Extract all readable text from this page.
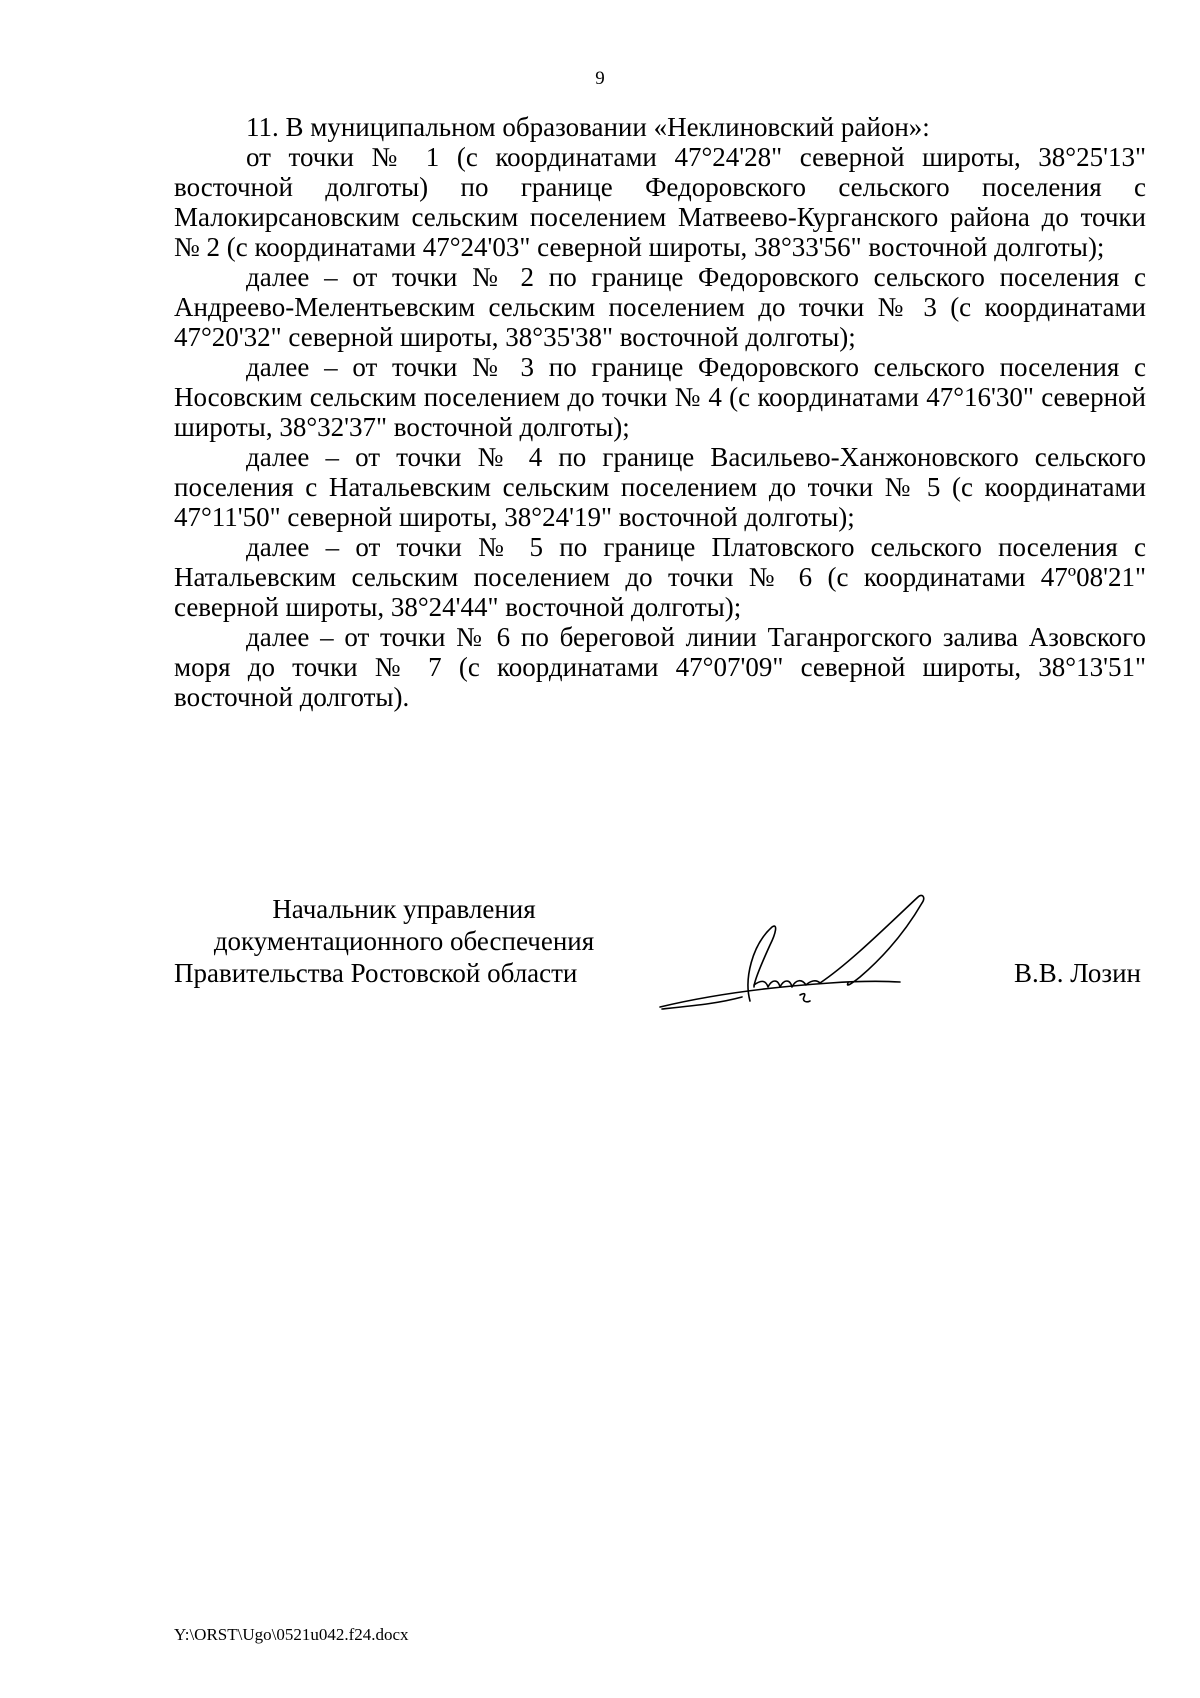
9

11. В муниципальном образовании «Неклиновский район»:

от точки № 1 (с координатами 47°24'28" северной широты, 38°25'13" восточной долготы) по границе Федоровского сельского поселения с Малокирсановским сельским поселением Матвеево-Курганского района до точки № 2 (с координатами 47°24'03" северной широты, 38°33'56" восточной долготы);

далее – от точки № 2 по границе Федоровского сельского поселения с Андреево-Мелентьевским сельским поселением до точки № 3 (с координатами 47°20'32" северной широты, 38°35'38" восточной долготы);

далее – от точки № 3 по границе Федоровского сельского поселения с Носовским сельским поселением до точки № 4 (с координатами 47°16'30" северной широты, 38°32'37" восточной долготы);

далее – от точки № 4 по границе Васильево-Ханжоновского сельского поселения с Натальевским сельским поселением до точки № 5 (с координатами 47°11'50" северной широты, 38°24'19" восточной долготы);

далее – от точки № 5 по границе Платовского сельского поселения с Натальевским сельским поселением до точки № 6 (с координатами 47º08'21" северной широты, 38°24'44" восточной долготы);

далее – от точки № 6 по береговой линии Таганрогского залива Азовского моря до точки № 7 (с координатами 47°07'09" северной широты, 38°13'51" восточной долготы).

Начальник управления
документационного обеспечения
Правительства Ростовской области	В.В. Лозин
Y:\ORST\Ugo\0521u042.f24.docx
